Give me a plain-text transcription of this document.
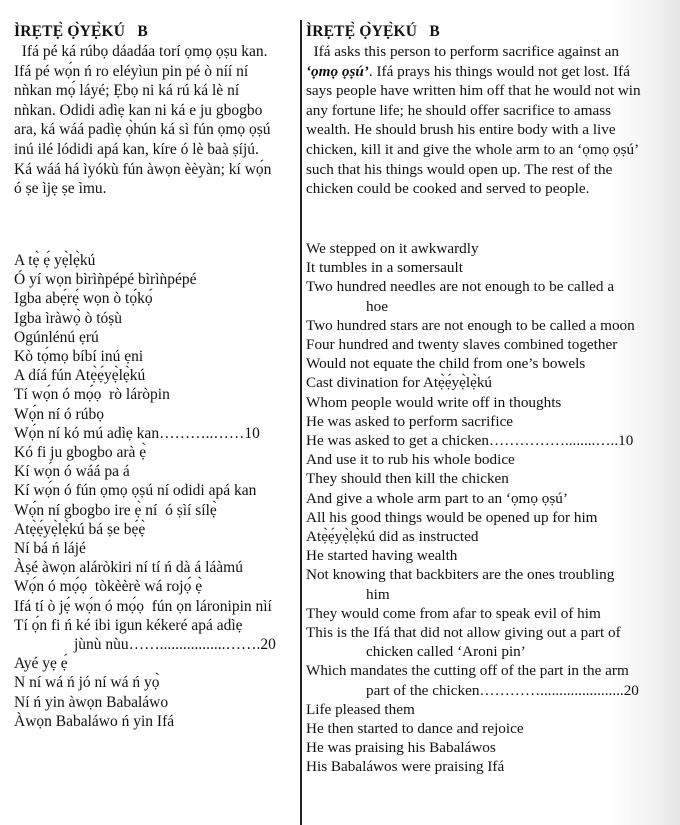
ÌRẸTẸ̀ Ọ̀YẸ̀KÚ   B
Ifá pé ká rúbọ dáadáa torí ọmọ ọṣu kan.
Ifá pé wọ́n ń ro eléyìun pin pé ò níí ní
nǹkan mọ́ láyé; Ẹbọ ni ká rú ká lè ní
nǹkan. Odidi adìẹ kan ni ká e ju gbogbo
ara, ká wáá padìẹ ọ̀hún ká sì fún ọmọ ọṣú
inú ilé lódidi apá kan, kíre ó lè baà ṣíjú.
Ká wáá há ìyókù fún àwọn èèyàn; kí wọ́n
ó ṣe ìjẹ ṣe ìmu.
A tẹ̀ ẹ́ yẹ̀lẹ̀kú
Ó yí wọn bìrìǹpépé bìrìǹpépé
Igba abẹ́rẹ́ wọn ò tọ́kọ́
Igba ìràwọ̀ ò tóṣù
Ogúnlénú ẹrú
Kò tọ́mọ bíbí inú ẹni
A díá fún Atẹ̀ẹ́yẹ̀lẹ̀kú
Tí wọ́n ó mọ́ọ  rò láròpin
Wọ́n ní ó rúbọ
Wọ́n ní kó mú adìẹ kan………..……10
Kó fi ju gbogbo arà ẹ̀
Kí wọ́n ó wáá pa á
Kí wọ́n ó fún ọmọ ọṣú ní odidi apá kan
Wọ́n ní gbogbo ire ẹ̀ ní  ó ṣìí sílẹ̀
Atẹ̀ẹ́yẹ̀lẹ̀kú bá ṣe bẹ́ẹ̀
Ní bá ń lájé
Àṣé àwọn aláròkiri ní tí ń dà á láàmú
Wọ́n ó mọ́ọ  tòkèèrè wá rojọ́ ẹ̀
Ifá tí ò jẹ́ wọ́n ó mọ́ọ  fún ọn láronipin nìí
Tí ọ́n fi ń ké ibi igun kékeré apá adìẹ
jùnù nùu…….................…….20
Ayé yẹ ẹ́
N ní wá ń jó ní wá ń yọ̀
Ní ń yin àwọn Babaláwo
Àwọn Babaláwo ń yin Ifá
ÌRẸTẸ̀ Ọ̀YẸ̀KÚ   B
Ifá asks this person to perform sacrifice against an
‘ọmọ ọṣú’. Ifá prays his things would not get lost. Ifá
says people have written him off that he would not win
any fortune life; he should offer sacrifice to amass
wealth. He should brush his entire body with a live
chicken, kill it and give the whole arm to an ‘ọmọ ọṣú’
such that his things would open up. The rest of the
chicken could be cooked and served to people.
We stepped on it awkwardly
It tumbles in a somersault
Two hundred needles are not enough to be called a
hoe
Two hundred stars are not enough to be called a moon
Four hundred and twenty slaves combined together
Would not equate the child from one’s bowels
Cast divination for Atẹ̀ẹ́yẹ̀lẹ̀kú
Whom people would write off in thoughts
He was asked to perform sacrifice
He was asked to get a chicken……………........…..10
And use it to rub his whole bodice
They should then kill the chicken
And give a whole arm part to an ‘ọmọ ọṣú’
All his good things would be opened up for him
Atẹ̀ẹ́yẹ̀lẹ̀kú did as instructed
He started having wealth
Not knowing that backbiters are the ones troubling
him
They would come from afar to speak evil of him
This is the Ifá that did not allow giving out a part of
chicken called ‘Aroni pin’
Which mandates the cutting off of the part in the arm
part of the chicken…………......................20
Life pleased them
He then started to dance and rejoice
He was praising his Babaláwos
His Babaláwos were praising Ifá
